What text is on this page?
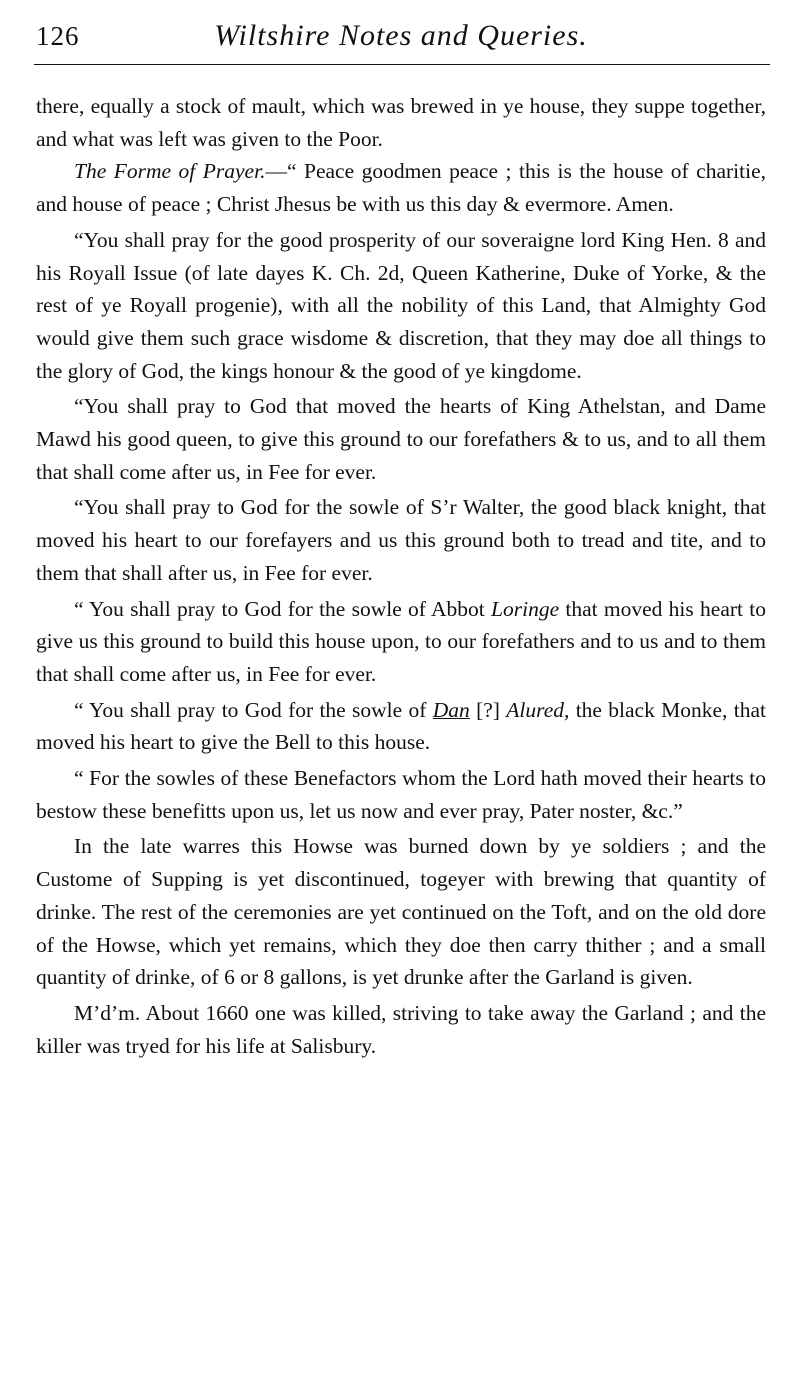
126	Wiltshire Notes and Queries.

there, equally a stock of mault, which was brewed in ye house, they suppe together, and what was left was given to the Poor.

The Forme of Prayer.—“ Peace goodmen peace ; this is the house of charitie, and house of peace ; Christ Jhesus be with us this day & evermore. Amen.

“You shall pray for the good prosperity of our soveraigne lord King Hen. 8 and his Royall Issue (of late dayes K. Ch. 2d, Queen Katherine, Duke of Yorke, & the rest of ye Royall progenie), with all the nobility of this Land, that Almighty God would give them such grace wisdome & discretion, that they may doe all things to the glory of God, the kings honour & the good of ye kingdome.

“You shall pray to God that moved the hearts of King Athelstan, and Dame Mawd his good queen, to give this ground to our forefathers & to us, and to all them that shall come after us, in Fee for ever.

“You shall pray to God for the sowle of S’r Walter, the good black knight, that moved his heart to our forefayers and us this ground both to tread and tite, and to them that shall after us, in Fee for ever.

“ You shall pray to God for the sowle of Abbot Loringe that moved his heart to give us this ground to build this house upon, to our forefathers and to us and to them that shall come after us, in Fee for ever.

“ You shall pray to God for the sowle of Dan [?] Alured, the black Monke, that moved his heart to give the Bell to this house.

“ For the sowles of these Benefactors whom the Lord hath moved their hearts to bestow these benefitts upon us, let us now and ever pray, Pater noster, &c.”

In the late warres this Howse was burned down by ye soldiers ; and the Custome of Supping is yet discontinued, togeyer with brewing that quantity of drinke. The rest of the ceremonies are yet continued on the Toft, and on the old dore of the Howse, which yet remains, which they doe then carry thither ; and a small quantity of drinke, of 6 or 8 gallons, is yet drunke after the Garland is given.

M’d’m. About 1660 one was killed, striving to take away the Garland ; and the killer was tryed for his life at Salisbury.
